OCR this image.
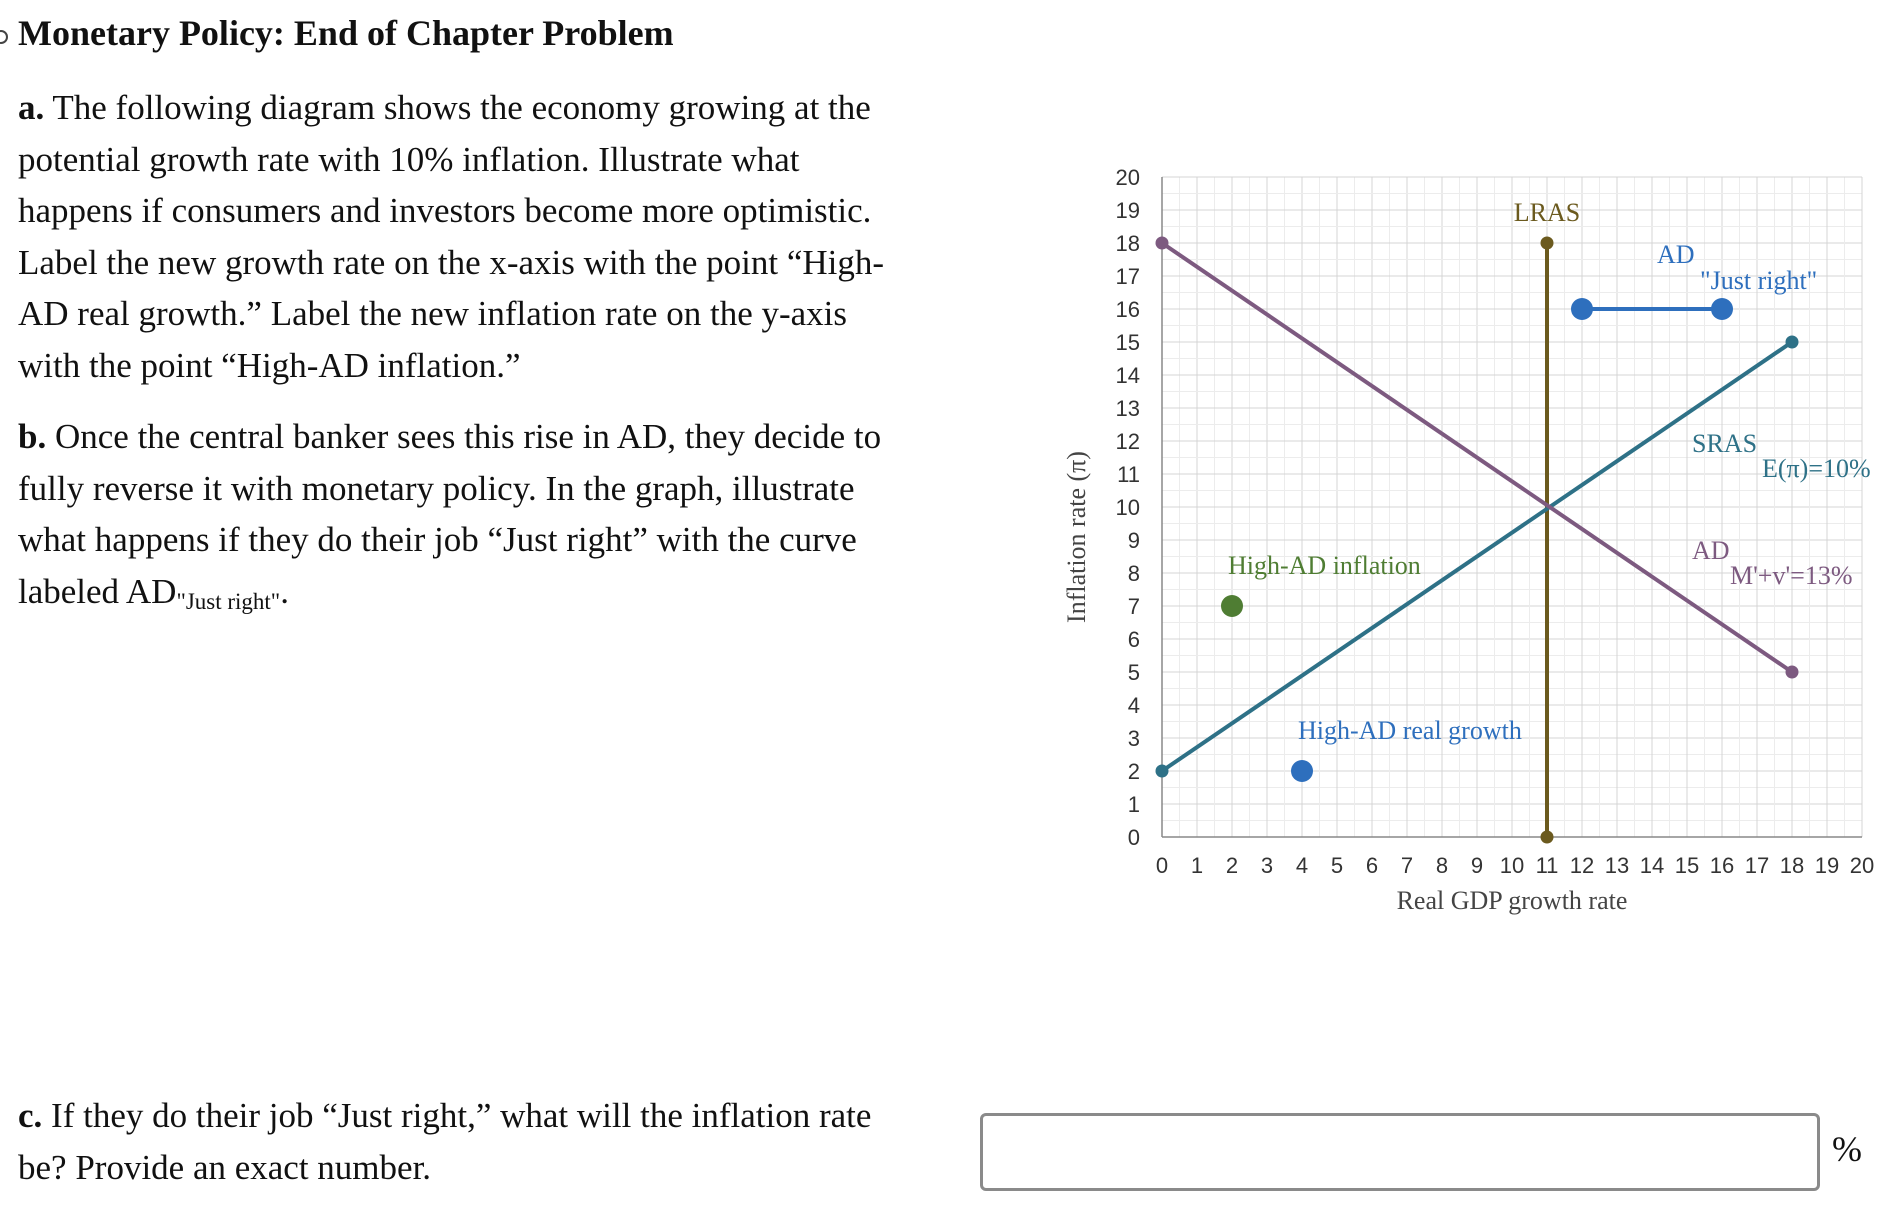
Monetary Policy: End of Chapter Problem
a. The following diagram shows the economy growing at the potential growth rate with 10% inflation. Illustrate what happens if consumers and investors become more optimistic. Label the new growth rate on the x-axis with the point “High-AD real growth.” Label the new inflation rate on the y-axis with the point “High-AD inflation.”
b. Once the central banker sees this rise in AD, they decide to fully reverse it with monetary policy. In the graph, illustrate what happens if they do their job “Just right” with the curve labeled AD"Just right".
0 1 2 3 4 5 6 7 8 9 10 11 12 13 14 15 16 17 18 19 20
0
1
2
3
4
5
6
7
8
9
10
11
12
13
14
15
16
17
18
19
20
Real GDP growth rate
Inflation rate (π)
LRAS
SRAS
E(π)=10%
AD
M'+v'=13%
AD
"Just right"
High-AD inflation
High-AD real growth
c. If they do their job “Just right,” what will the inflation rate be? Provide an exact number.	%
